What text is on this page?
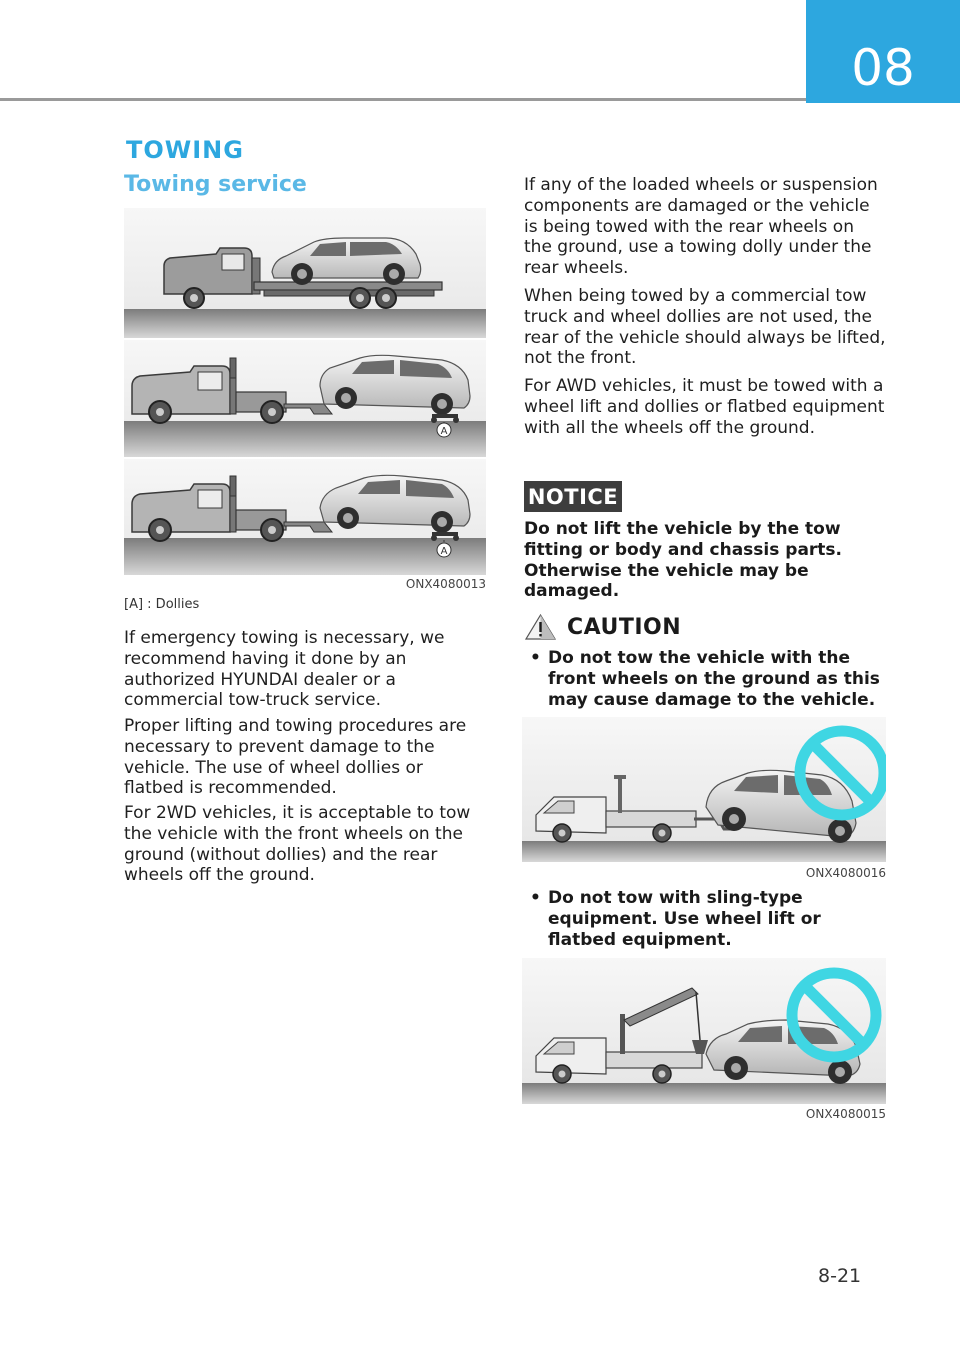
08
TOWING
Towing service
A
A
ONX4080013
[A] : Dollies
If emergency towing is necessary, we recommend having it done by an authorized HYUNDAI dealer or a commercial tow-truck service.
Proper lifting and towing procedures are necessary to prevent damage to the vehicle. The use of wheel dollies or flatbed is recommended.
For 2WD vehicles, it is acceptable to tow the vehicle with the front wheels on the ground (without dollies) and the rear wheels off the ground.
If any of the loaded wheels or suspension components are damaged or the vehicle is being towed with the rear wheels on the ground, use a towing dolly under the rear wheels.
When being towed by a commercial tow truck and wheel dollies are not used, the rear of the vehicle should always be lifted, not the front.
For AWD vehicles, it must be towed with a wheel lift and dollies or flatbed equipment with all the wheels off the ground.
NOTICE
Do not lift the vehicle by the tow fitting or body and chassis parts. Otherwise the vehicle may be damaged.
CAUTION
• Do not tow the vehicle with the front wheels on the ground as this may cause damage to the vehicle.
ONX4080016
• Do not tow with sling-type equipment. Use wheel lift or flatbed equipment.
ONX4080015
8-21
